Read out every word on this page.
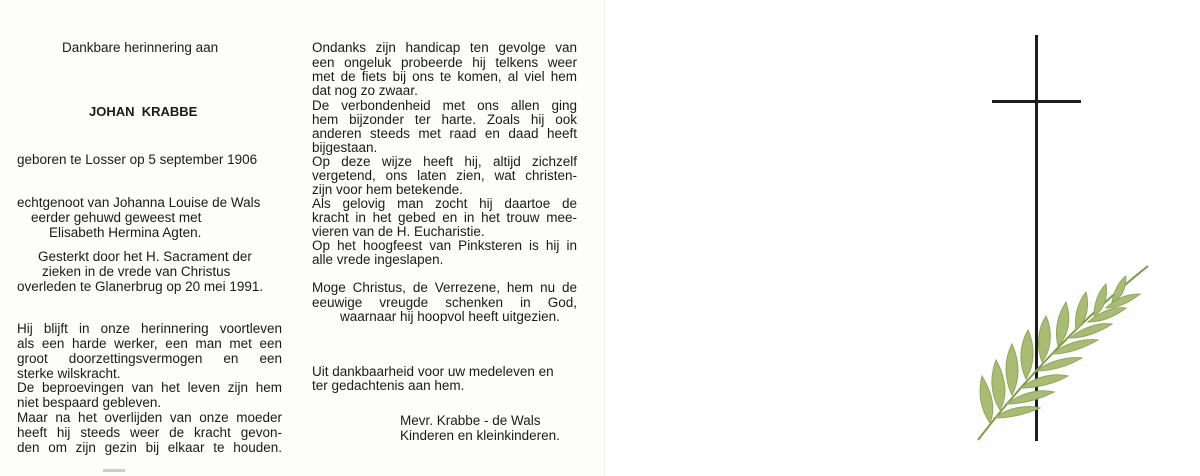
Dankbare herinnering aan
JOHAN  KRABBE
geboren te Losser op 5 september 1906
echtgenoot van Johanna Louise de Wals
eerder gehuwd geweest met
Elisabeth Hermina Agten.
Gesterkt door het H. Sacrament der
zieken in de vrede van Christus
overleden te Glanerbrug op 20 mei 1991.
Hij blijft in onze herinnering voortleven
als een harde werker, een man met een
groot doorzettingsvermogen en een
sterke wilskracht.
De beproevingen van het leven zijn hem
niet bespaard gebleven.
Maar na het overlijden van onze moeder
heeft hij steeds weer de kracht gevon-
den om zijn gezin bij elkaar te houden.
Ondanks zijn handicap ten gevolge van
een ongeluk probeerde hij telkens weer
met de fiets bij ons te komen, al viel hem
dat nog zo zwaar.
De verbondenheid met ons allen ging
hem bijzonder ter harte. Zoals hij ook
anderen steeds met raad en daad heeft
bijgestaan.
Op deze wijze heeft hij, altijd zichzelf
vergetend, ons laten zien, wat christen-
zijn voor hem betekende.
Als gelovig man zocht hij daartoe de
kracht in het gebed en in het trouw mee-
vieren van de H. Eucharistie.
Op het hoogfeest van Pinksteren is hij in
alle vrede ingeslapen.
Moge Christus, de Verrezene, hem nu de
eeuwige vreugde schenken in God,
waarnaar hij hoopvol heeft uitgezien.
Uit dankbaarheid voor uw medeleven en
ter gedachtenis aan hem.
Mevr. Krabbe - de Wals
Kinderen en kleinkinderen.
